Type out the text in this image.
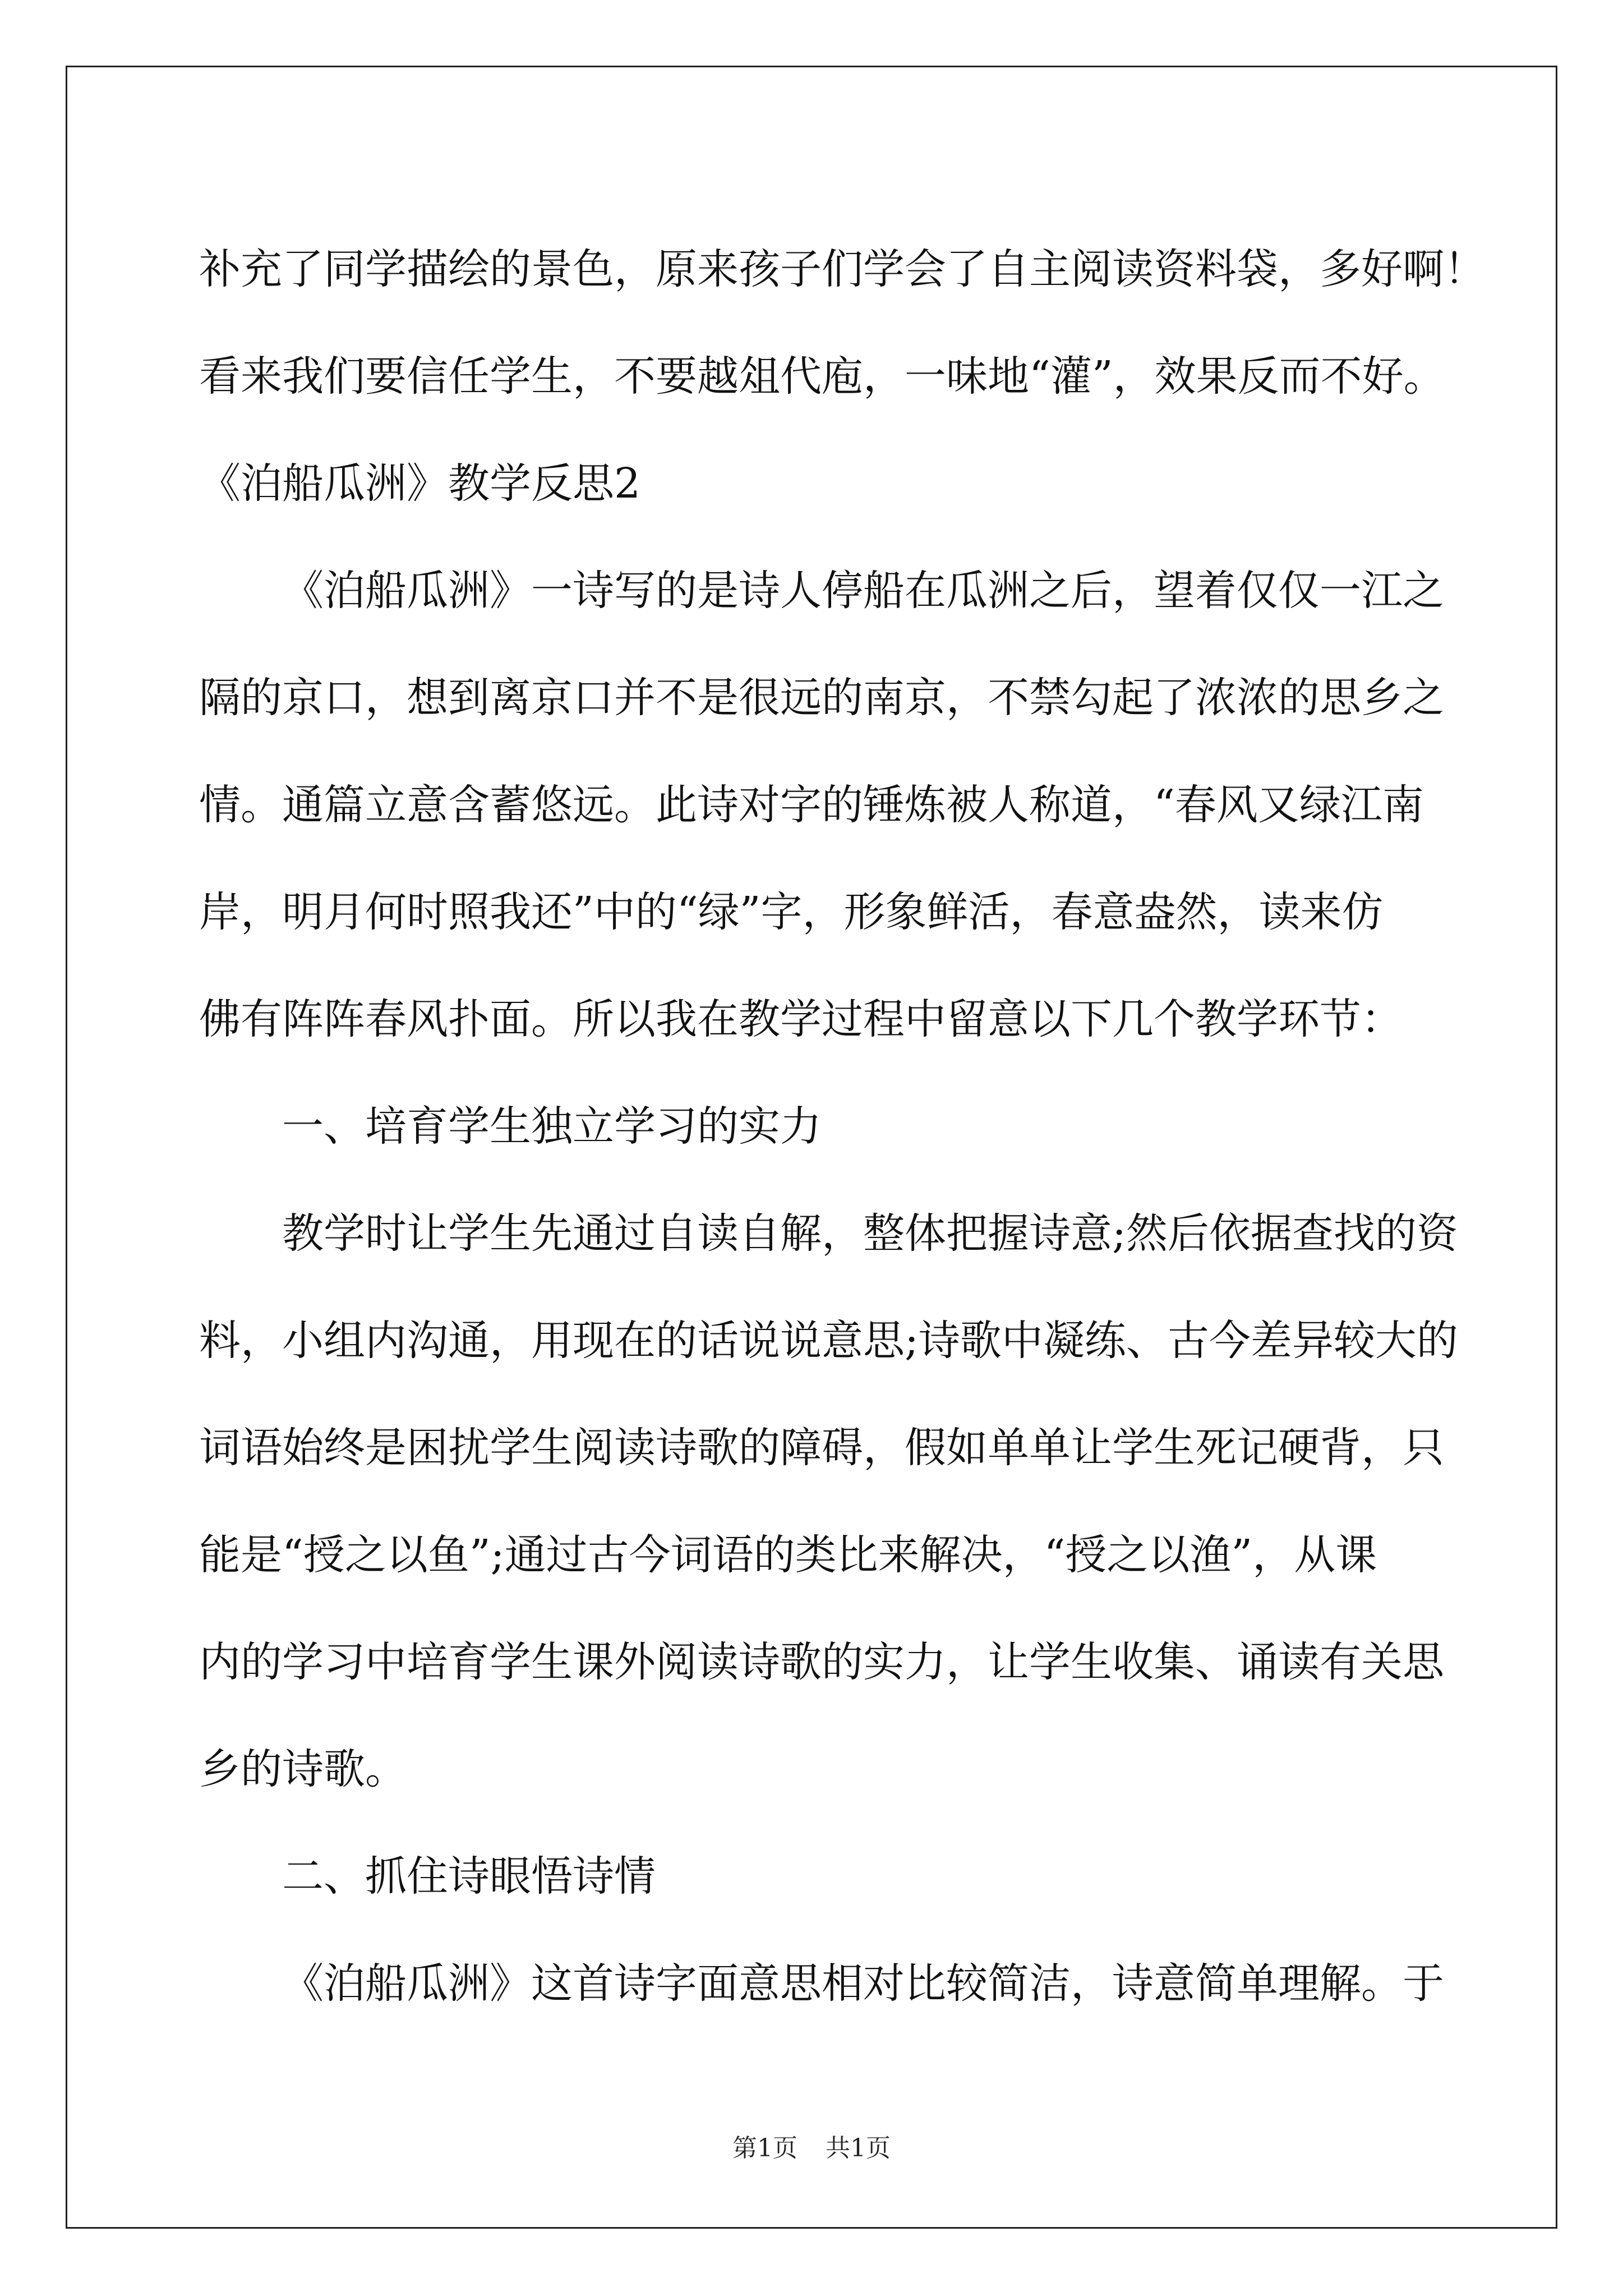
补充了同学描绘的景色，原来孩子们学会了自主阅读资料袋，多好啊！
看来我们要信任学生，不要越俎代庖，一味地“灌”，效果反而不好。
《泊船瓜洲》教学反思2
《泊船瓜洲》一诗写的是诗人停船在瓜洲之后，望着仅仅一江之
隔的京口，想到离京口并不是很远的南京，不禁勾起了浓浓的思乡之
情。通篇立意含蓄悠远。此诗对字的锤炼被人称道，“春风又绿江南
岸，明月何时照我还”中的“绿”字，形象鲜活，春意盎然，读来仿
佛有阵阵春风扑面。所以我在教学过程中留意以下几个教学环节：
一、培育学生独立学习的实力
教学时让学生先通过自读自解，整体把握诗意;然后依据查找的资
料，小组内沟通，用现在的话说说意思;诗歌中凝练、古今差异较大的
词语始终是困扰学生阅读诗歌的障碍，假如单单让学生死记硬背，只
能是“授之以鱼”;通过古今词语的类比来解决，“授之以渔”，从课
内的学习中培育学生课外阅读诗歌的实力，让学生收集、诵读有关思
乡的诗歌。
二、抓住诗眼悟诗情
《泊船瓜洲》这首诗字面意思相对比较简洁，诗意简单理解。于
第1页 共1页
